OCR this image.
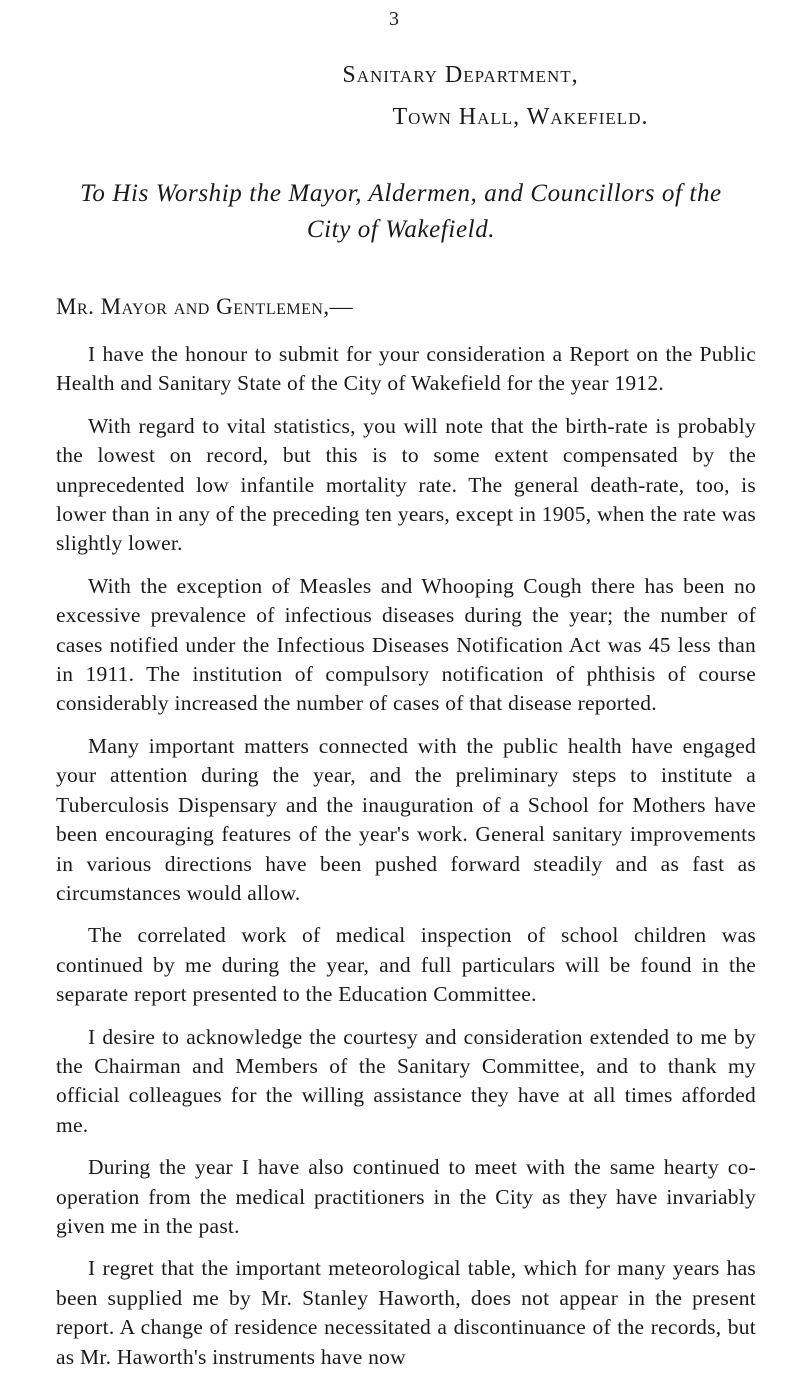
3
Sanitary Department,
Town Hall, Wakefield.
To His Worship the Mayor, Aldermen, and Councillors of the City of Wakefield.
Mr. Mayor and Gentlemen,—

I have the honour to submit for your consideration a Report on the Public Health and Sanitary State of the City of Wakefield for the year 1912.

With regard to vital statistics, you will note that the birth-rate is probably the lowest on record, but this is to some extent compensated by the unprecedented low infantile mortality rate. The general death-rate, too, is lower than in any of the preceding ten years, except in 1905, when the rate was slightly lower.

With the exception of Measles and Whooping Cough there has been no excessive prevalence of infectious diseases during the year; the number of cases notified under the Infectious Diseases Notification Act was 45 less than in 1911. The institution of compulsory notification of phthisis of course considerably increased the number of cases of that disease reported.

Many important matters connected with the public health have engaged your attention during the year, and the preliminary steps to institute a Tuberculosis Dispensary and the inauguration of a School for Mothers have been encouraging features of the year's work. General sanitary improvements in various directions have been pushed forward steadily and as fast as circumstances would allow.

The correlated work of medical inspection of school children was continued by me during the year, and full particulars will be found in the separate report presented to the Education Committee.

I desire to acknowledge the courtesy and consideration extended to me by the Chairman and Members of the Sanitary Committee, and to thank my official colleagues for the willing assistance they have at all times afforded me.

During the year I have also continued to meet with the same hearty co-operation from the medical practitioners in the City as they have invariably given me in the past.

I regret that the important meteorological table, which for many years has been supplied me by Mr. Stanley Haworth, does not appear in the present report. A change of residence necessitated a discontinuance of the records, but as Mr. Haworth's instruments have now
